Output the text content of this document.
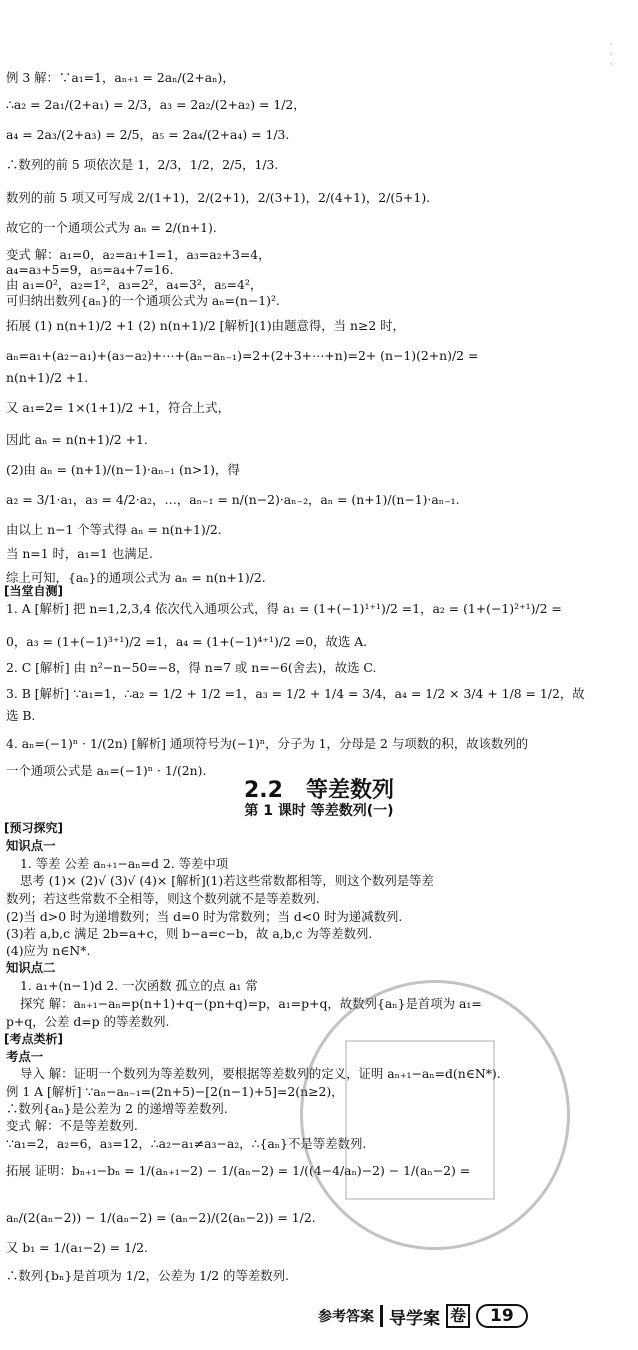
例 3 解：∵a₁=1，aₙ₊₁ = 2aₙ/(2+aₙ)，
∴a₂ = 2a₁/(2+a₁) = 2/3，a₃ = 2a₂/(2+a₂) = 1/2，
a₄ = 2a₃/(2+a₃) = 2/5，a₅ = 2a₄/(2+a₄) = 1/3.
∴数列的前 5 项依次是 1，2/3，1/2，2/5，1/3.
数列的前 5 项又可写成 2/(1+1)，2/(2+1)，2/(3+1)，2/(4+1)，2/(5+1).
故它的一个通项公式为 aₙ = 2/(n+1).
变式 解：a₁=0，a₂=a₁+1=1，a₃=a₂+3=4，
a₄=a₃+5=9，a₅=a₄+7=16.
由 a₁=0²，a₂=1²，a₃=2²，a₄=3²，a₅=4²，
可归纳出数列{aₙ}的一个通项公式为 aₙ=(n−1)².
拓展 (1) n(n+1)/2 +1 (2) n(n+1)/2 [解析](1)由题意得，当 n≥2 时，
aₙ=a₁+(a₂−a₁)+(a₃−a₂)+⋯+(aₙ−aₙ₋₁)=2+(2+3+⋯+n)=2+ (n−1)(2+n)/2 =
n(n+1)/2 +1.
又 a₁=2= 1×(1+1)/2 +1，符合上式，
因此 aₙ = n(n+1)/2 +1.
(2)由 aₙ = (n+1)/(n−1)·aₙ₋₁ (n>1)，得
a₂ = 3/1·a₁，a₃ = 4/2·a₂，…，aₙ₋₁ = n/(n−2)·aₙ₋₂，aₙ = (n+1)/(n−1)·aₙ₋₁.
由以上 n−1 个等式得 aₙ = n(n+1)/2.
当 n=1 时，a₁=1 也满足.
综上可知，{aₙ}的通项公式为 aₙ = n(n+1)/2.
1. A [解析] 把 n=1,2,3,4 依次代入通项公式，得 a₁ = (1+(−1)¹⁺¹)/2 =1，a₂ = (1+(−1)²⁺¹)/2 =
0，a₃ = (1+(−1)³⁺¹)/2 =1，a₄ = (1+(−1)⁴⁺¹)/2 =0，故选 A.
2. C [解析] 由 n²−n−50=−8，得 n=7 或 n=−6(舍去)，故选 C.
3. B [解析] ∵a₁=1，∴a₂ = 1/2 + 1/2 =1，a₃ = 1/2 + 1/4 = 3/4，a₄ = 1/2 × 3/4 + 1/8 = 1/2，故
选 B.
4. aₙ=(−1)ⁿ · 1/(2n) [解析] 通项符号为(−1)ⁿ，分子为 1，分母是 2 与项数的积，故该数列的
一个通项公式是 aₙ=(−1)ⁿ · 1/(2n).
知识点一
1. 等差 公差 aₙ₊₁−aₙ=d 2. 等差中项
思考 (1)× (2)√ (3)√ (4)× [解析](1)若这些常数都相等，则这个数列是等差
数列；若这些常数不全相等，则这个数列就不是等差数列.
(2)当 d>0 时为递增数列；当 d=0 时为常数列；当 d<0 时为递减数列.
(3)若 a,b,c 满足 2b=a+c，则 b−a=c−b，故 a,b,c 为等差数列.
(4)应为 n∈N*.
知识点二
1. a₁+(n−1)d 2. 一次函数 孤立的点 a₁ 常
探究 解：aₙ₊₁−aₙ=p(n+1)+q−(pn+q)=p，a₁=p+q，故数列{aₙ}是首项为 a₁=
p+q，公差 d=p 的等差数列.
考点一
导入 解：证明一个数列为等差数列，要根据等差数列的定义，证明 aₙ₊₁−aₙ=d(n∈N*).
例 1 A [解析] ∵aₙ−aₙ₋₁=(2n+5)−[2(n−1)+5]=2(n≥2)，
∴数列{aₙ}是公差为 2 的递增等差数列.
变式 解：不是等差数列.
∵a₁=2，a₂=6，a₃=12，∴a₂−a₁≠a₃−a₂，∴{aₙ}不是等差数列.
拓展 证明：bₙ₊₁−bₙ = 1/(aₙ₊₁−2) − 1/(aₙ−2) = 1/((4−4/aₙ)−2) − 1/(aₙ−2) =
aₙ/(2(aₙ−2)) − 1/(aₙ−2) = (aₙ−2)/(2(aₙ−2)) = 1/2.
又 b₁ = 1/(a₁−2) = 1/2.
∴数列{bₙ}是首项为 1/2，公差为 1/2 的等差数列.
[当堂自测]
[预习探究]
[考点类析]
2.2 等差数列
第 1 课时 等差数列(一)
·
·
·
参考答案 导学案 卷	19
